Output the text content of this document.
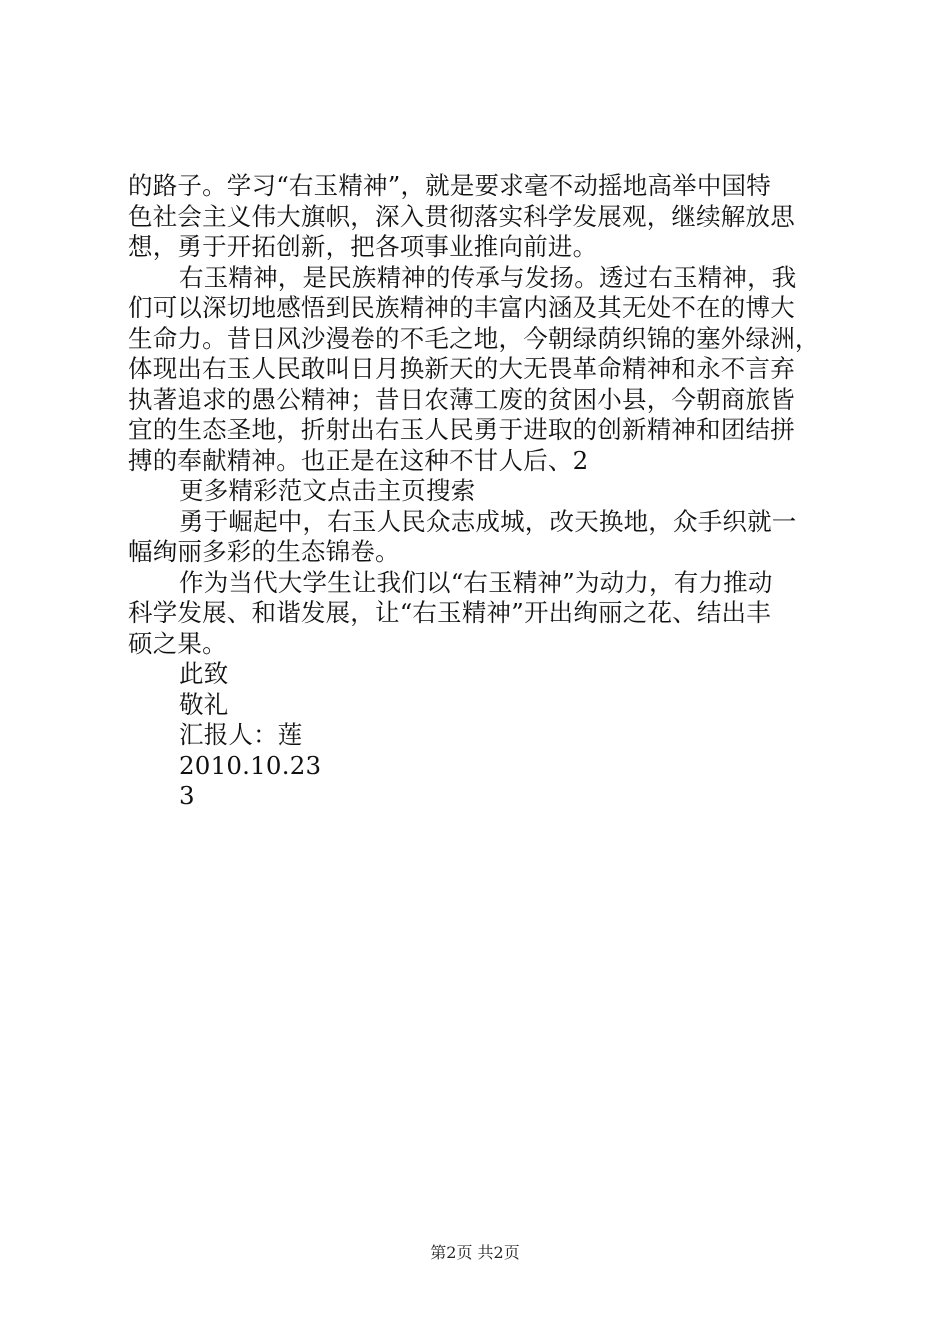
的路子。学习“右玉精神”，就是要求毫不动摇地高举中国特
色社会主义伟大旗帜，深入贯彻落实科学发展观，继续解放思
想，勇于开拓创新，把各项事业推向前进。
右玉精神，是民族精神的传承与发扬。透过右玉精神，我
们可以深切地感悟到民族精神的丰富内涵及其无处不在的博大
生命力。昔日风沙漫卷的不毛之地，今朝绿荫织锦的塞外绿洲，
体现出右玉人民敢叫日月换新天的大无畏革命精神和永不言弃
执著追求的愚公精神；昔日农薄工废的贫困小县，今朝商旅皆
宜的生态圣地，折射出右玉人民勇于进取的创新精神和团结拼
搏的奉献精神。也正是在这种不甘人后、2
更多精彩范文点击主页搜索
勇于崛起中，右玉人民众志成城，改天换地，众手织就一
幅绚丽多彩的生态锦卷。
作为当代大学生让我们以“右玉精神”为动力，有力推动
科学发展、和谐发展，让“右玉精神”开出绚丽之花、结出丰
硕之果。
此致
敬礼
汇报人：莲
2010.10.23
3
第2页 共2页
